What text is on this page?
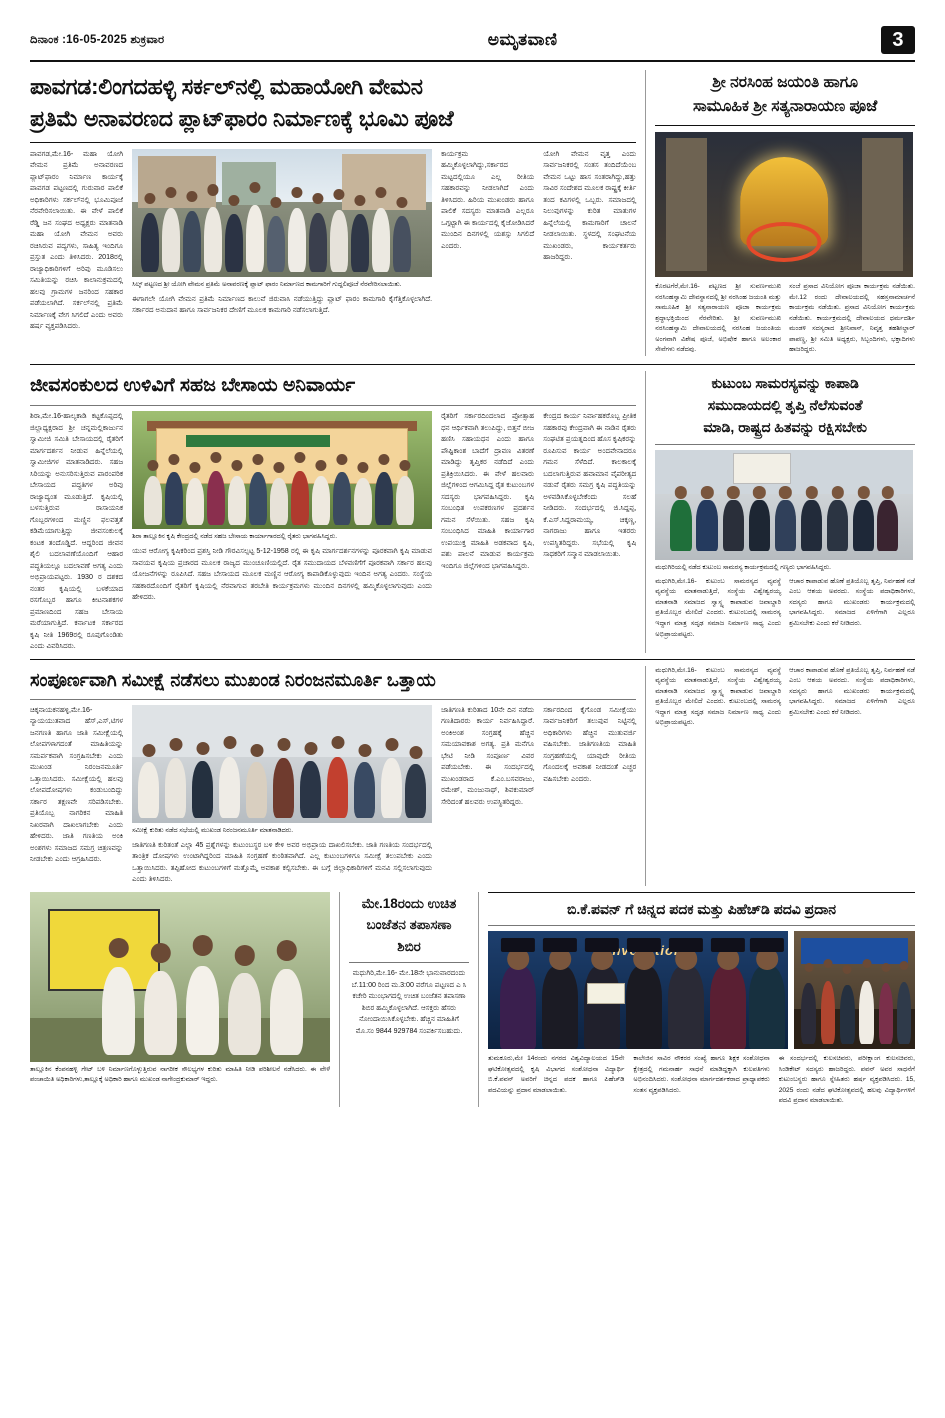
ದಿನಾಂಕ :16-05-2025 ಶುಕ್ರವಾರ	ಅಮೃತವಾಣಿ	3
ಪಾವಗಡ:ಲಿಂಗದಹಳ್ಳಿ ಸರ್ಕಲ್‌ನಲ್ಲಿ ಮಹಾಯೋಗಿ ವೇಮನ
ಪ್ರತಿಮೆ ಅನಾವರಣದ ಪ್ಲಾಟ್‌ಫಾರಂ ನಿರ್ಮಾಣಕ್ಕೆ ಭೂಮಿ ಪೂಜೆ
ಪಾವಗಡ,ಮೇ.16- ಮಹಾ ಯೋಗಿ ವೇಮನ ಪ್ರತಿಮೆ ಅನಾವರಣದ ಪ್ಲಾಟ್‌ಫಾರಂ ನಿರ್ಮಾಣ ಕಾರ್ಯಕ್ಕೆ ಪಾವಗಡ ಪಟ್ಟಣದಲ್ಲಿ ಗುರುವಾರ ಪಾಲಿಕೆ ಅಧಿಕಾರಿಗಳು ಸರ್ಕಲ್‌ನಲ್ಲಿ ಭೂಮಿಪೂಜೆ ನೆರವೇರಿಸಲಾಯಿತು. ಈ ವೇಳೆ ಪಾಲಿಕೆ ರೆಡ್ಡಿ ಜನ ಸಂಘದ ಅಧ್ಯಕ್ಷರು ಮಾತನಾಡಿ ಮಹಾ ಯೋಗಿ ವೇಮನ ಅವರು ರಚಿಸಿರುವ ಪದ್ಯಗಳು, ಸಾಹಿತ್ಯ ಇಂದಿಗೂ ಪ್ರಸ್ತುತ ಎಂದು ತಿಳಿಸಿದರು. 2018ರಲ್ಲಿ ರಾಜ್ಯಾಧಿಕಾರಿಗಳಿಗೆ ಅರಿವು ಮೂಡಿಸಲು ಸಮಿತಿಯನ್ನು ರಚಿಸಿ ಕಾಲಾನುಕ್ರಮದಲ್ಲಿ ಹಲವು ಗ್ರಾಮಗಳ ಜನರಿಂದ ಸಹಕಾರ ಪಡೆಯಲಾಗಿದೆ. ಸರ್ಕಲ್‌ನಲ್ಲಿ ಪ್ರತಿಮೆ ನಿರ್ಮಾಣಕ್ಕೆ ವೇಗ ಸಿಗಲಿದೆ ಎಂದು ಅವರು ಹರ್ಷ ವ್ಯಕ್ತಪಡಿಸಿದರು.
ಸಿಲ್ಕ್ ಪಟ್ಟಣದ ಶ್ರೀ ಯೋಗಿ ವೇಮನ ಪ್ರತಿಮೆ ಅನಾವರಣಕ್ಕೆ ಪ್ಲಾಟ್ ಫಾರಂ ನಿರ್ಮಾಣದ ಕಾಮಗಾರಿಗೆ ಗುದ್ದಲಿಪೂಜೆ ನೆರವೇರಿಸಲಾಯಿತು.
ಈಗಾಗಲೇ ಯೋಗಿ ವೇಮನ ಪ್ರತಿಮೆ ನಿರ್ಮಾಣದ ಕಾಲುವೆ ಜಿರುವಾಸಿ ನಡೆಯುತ್ತಿದ್ದು ಪ್ಲಾಟ್ ಫಾರಂ ಕಾಮಗಾರಿ ಕೈಗೆತ್ತಿಕೊಳ್ಳಲಾಗಿದೆ. ಸರ್ಕಾರದ ಅನುದಾನ ಹಾಗೂ ಸಾರ್ವಜನಿಕರ ದೇಣಿಗೆ ಮೂಲಕ ಕಾಮಗಾರಿ ನಡೆಸಲಾಗುತ್ತಿದೆ.
ಕಾರ್ಯಕ್ರಮ ಹಮ್ಮಿಕೊಳ್ಳಲಾಗಿದ್ದು,ಸರ್ಕಾರದ ಮಟ್ಟದಲ್ಲಿಯೂ ಎಲ್ಲ ರೀತಿಯ ಸಹಕಾರವನ್ನು ನೀಡಲಾಗಿದೆ ಎಂದು ತಿಳಿಸಿದರು. ಹಿರಿಯ ಮುಖಂಡರು ಹಾಗೂ ಪಾಲಿಕೆ ಸದಸ್ಯರು ಮಾತನಾಡಿ ಎಲ್ಲರೂ ಒಗ್ಗಟ್ಟಾಗಿ ಈ ಕಾರ್ಯದಲ್ಲಿ ಕೈಜೋಡಿಸಿದರೆ ಮುಂದಿನ ದಿನಗಳಲ್ಲಿ ಯಶಸ್ಸು ಸಿಗಲಿದೆ ಎಂದರು.
ಯೋಗಿ ವೇಮನ ವೃತ್ತ ಎಂದು ಸಾರ್ವಜನಿಕರಲ್ಲಿ ಸಂತಸ ತಂದಿದೆಯೆಂಬ ವೇಮನ ಒಟ್ಟು ಹಾಸ ಸಂತರಾಗಿದ್ದು,ಹತ್ತು ಸಾವಿರ ಸಂದೇಶದ ಮೂಲಕ ರಾಷ್ಟ್ರಕ್ಕೆ ಕೀರ್ತಿ ತಂದ ಕವಿಗಳಲ್ಲಿ ಒಬ್ಬರು. ಸಮಾಜದಲ್ಲಿ ನಿಲುವುಗಳನ್ನು ಕುರಿತ ಮಾತುಗಳ ಹಿನ್ನೆಲೆಯಲ್ಲಿ ಕಾಮಗಾರಿಗೆ ಚಾಲನೆ ನೀಡಲಾಯಿತು. ಸ್ಥಳದಲ್ಲಿ ಸಂಘಟನೆಯ ಮುಖಂಡರು, ಕಾರ್ಯಕರ್ತರು ಹಾಜರಿದ್ದರು.
ಶ್ರೀ ನರಸಿಂಹ ಜಯಂತಿ ಹಾಗೂ
ಸಾಮೂಹಿಕ ಶ್ರೀ ಸತ್ಯನಾರಾಯಣ ಪೂಜೆ
ಕೊರಟಗೆರೆ,ಮೇ.16- ಪಟ್ಟಣದ ಶ್ರೀ ಸುವರ್ಣಮುಖಿ ನರಸಿಂಹಸ್ವಾಮಿ ದೇವಸ್ಥಾನದಲ್ಲಿ ಶ್ರೀ ನರಸಿಂಹ ಜಯಂತಿ ಮತ್ತು ಸಾಮೂಹಿಕ ಶ್ರೀ ಸತ್ಯನಾರಾಯಣ ಪೂಜಾ ಕಾರ್ಯಕ್ರಮ ಶ್ರದ್ಧಾಭಕ್ತಿಯಿಂದ ನೆರವೇರಿತು. ಶ್ರೀ ಸುವರ್ಣಮುಖಿ ನರಸಿಂಹಸ್ವಾಮಿ ದೇವಾಲಯದಲ್ಲಿ ನರಸಿಂಹ ಜಯಂತಿಯ ಅಂಗವಾಗಿ ವಿಶೇಷ ಪೂಜೆ, ಅಭಿಷೇಕ ಹಾಗೂ ಅಲಂಕಾರ ಸೇವೆಗಳು ನಡೆದವು.
ಸಂಜೆ ಪ್ರಸಾದ ವಿನಿಯೋಗ ಪೂಜಾ ಕಾರ್ಯಕ್ರಮ ನಡೆಯಿತು. ಮೇ.12 ರಂದು ದೇವಾಲಯದಲ್ಲಿ ಸಹಸ್ರನಾಮಾರ್ಚನೆ ಕಾರ್ಯಕ್ರಮ ನಡೆಯಿತು. ಪ್ರಸಾದ ವಿನಿಯೋಗ ಕಾರ್ಯಕ್ರಮ ನಡೆಯಿತು. ಕಾರ್ಯಕ್ರಮದಲ್ಲಿ ದೇವಾಲಯದ ಧರ್ಮದರ್ಶಿ ಮಂಡಳಿ ಸದಸ್ಯರಾದ ಶ್ರೀನಿವಾಸ್, ನಿವೃತ್ತ ತಹಶೀಲ್ದಾರ್ ಪಾಪಣ್ಣ, ಶ್ರೀ ಸಮಿತಿ ಅಧ್ಯಕ್ಷರು, ಸಿಬ್ಬಂದಿಗಳು, ಭಕ್ತಾದಿಗಳು ಹಾಜರಿದ್ದರು.
ಜೀವಸಂಕುಲದ ಉಳಿವಿಗೆ ಸಹಜ ಬೇಸಾಯ ಅನಿವಾರ್ಯ
ಶಿರಾ,ಮೇ.16-ಹಾಲ್ಯಕಾಡಿ ಕಟ್ಟಕೊಪ್ಪದಲ್ಲಿ ಜಿಲ್ಲಾಧ್ಯಕ್ಷರಾದ ಶ್ರೀ ಚನ್ನಮಲ್ಲಿಕಾರ್ಜುನ ಸ್ವಾಮೀಜಿ ಸಮಿತಿ ಬೇಸಾಯದಲ್ಲಿ ರೈತರಿಗೆ ಮಾರ್ಗದರ್ಶನ ನೀಡುವ ಹಿನ್ನೆಲೆಯಲ್ಲಿ ಸ್ವಾಮೀಜಿಗಳ ಮಾತನಾಡಿದರು. ಸಹಜ ಸಿರಿಯನ್ನು ಅನುಸರಿಸುತ್ತಿರುವ ಪಾರಂಪರಿಕ ಬೇಸಾಯದ ಪದ್ಧತಿಗಳ ಅರಿವು ರಾಜ್ಯಾದ್ಯಂತ ಮೂಡುತ್ತಿದೆ. ಕೃಷಿಯಲ್ಲಿ ಬಳಸುತ್ತಿರುವ ರಾಸಾಯನಿಕ ಗೊಬ್ಬರಗಳಿಂದ ಮಣ್ಣಿನ ಫಲವತ್ತತೆ ಕಡಿಮೆಯಾಗುತ್ತಿದ್ದು ಜೀವಸಂಕುಲಕ್ಕೆ ಕಂಟಕ ತಂದೊಡ್ಡಿದೆ. ಆದ್ದರಿಂದ ಜೀವನ ಶೈಲಿ ಬದಲಾವಣೆಯೊಂದಿಗೆ ಆಹಾರ ಪದ್ಧತಿಯಲ್ಲೂ ಬದಲಾವಣೆ ಅಗತ್ಯ ಎಂದು ಅಭಿಪ್ರಾಯಪಟ್ಟರು. 1930 ರ ದಶಕದ ನಂತರ ಕೃಷಿಯಲ್ಲಿ ಬಳಕೆಯಾದ ರಸಗೊಬ್ಬರ ಹಾಗೂ ಕೀಟನಾಶಕಗಳ ಪ್ರಮಾಣದಿಂದ ಸಹಜ ಬೇಸಾಯ ಮರೆಯಾಗುತ್ತಿದೆ. ಕರ್ನಾಟಕ ಸರ್ಕಾರದ ಕೃಷಿ ನೀತಿ 1969ರಲ್ಲಿ ರೂಪುಗೊಂಡಿತು ಎಂದು ವಿವರಿಸಿದರು.
ಶಿರಾ ತಾಲ್ಲೂಕಿನ ಕೃಷಿ ಕೇಂದ್ರದಲ್ಲಿ ನಡೆದ ಸಹಜ ಬೇಸಾಯ ಕಾರ್ಯಾಗಾರದಲ್ಲಿ ರೈತರು ಭಾಗವಹಿಸಿದ್ದರು.
ಯುವ ಆರೋಗ್ಯ ಕೃಷಿಕರಿಂದ ಪ್ರಶಸ್ತಿ ನೀಡಿ ಗೌರವಿಸಲ್ಪಟ್ಟ 5-12-1958 ರಲ್ಲಿ ಈ ಕೃಷಿ ಮಾರ್ಗದರ್ಶನಗಳನ್ನು ಪೂರಕವಾಗಿ ಕೃಷಿ ಮಾಡುವ ಸಾವಯವ ಕೃಷಿಯ ಪ್ರಚಾರದ ಮೂಲಕ ರಾಜ್ಯದ ಮುಂಚೂಣಿಯಲ್ಲಿದೆ. ರೈತ ಸಮುದಾಯದ ಬೆಳವಣಿಗೆಗೆ ಪೂರಕವಾಗಿ ಸರ್ಕಾರ ಹಲವು ಯೋಜನೆಗಳನ್ನು ರೂಪಿಸಿದೆ. ಸಹಜ ಬೇಸಾಯದ ಮೂಲಕ ಮಣ್ಣಿನ ಆರೋಗ್ಯ ಕಾಪಾಡಿಕೊಳ್ಳುವುದು ಇಂದಿನ ಅಗತ್ಯ ಎಂದರು. ಸಂಸ್ಥೆಯ ಸಹಕಾರದೊಂದಿಗೆ ರೈತರಿಗೆ ಕೃಷಿಯಲ್ಲಿ ನೆರವಾಗುವ ತರಬೇತಿ ಕಾರ್ಯಕ್ರಮಗಳು ಮುಂದಿನ ದಿನಗಳಲ್ಲಿ ಹಮ್ಮಿಕೊಳ್ಳಲಾಗುವುದು ಎಂದು ಹೇಳಿದರು.
ರೈತರಿಗೆ ಸರ್ಕಾರದಿಂದಲಾದ ಪ್ರೋತ್ಸಾಹ ಧನ ಆರ್ಥಿಕವಾಗಿ ತಲುಪಿದ್ದು, ಬಿತ್ತನೆ ಬೀಜ ಹಣಿಸಿ ಸಹಾಯಧನ ಎಂದು ಹಾಗೂ ಪೌಷ್ಟಿಕಾಂಶ ಬಾದೆಗೆ ದ್ರಾವಣ ವಿತರಣೆ ಮಾಡಿದ್ದು ತೃಪ್ತಿಕರ ನಡೆದಿದೆ ಎಂದು ಪ್ರತಿಕ್ರಿಯಿಸಿದರು. ಈ ವೇಳೆ ಹಲವಾರು ಜಿಲ್ಲೆಗಳಿಂದ ಆಗಮಿಸಿದ್ದ ರೈತ ಕುಟುಂಬಗಳ ಸದಸ್ಯರು ಭಾಗವಹಿಸಿದ್ದರು. ಕೃಷಿ ಸಂಬಂಧಿತ ಉಪಕರಣಗಳ ಪ್ರದರ್ಶನ ಗಮನ ಸೆಳೆಯಿತು. ಸಹಜ ಕೃಷಿ ಸಂಬಂಧಿಸಿದ ಮಾಹಿತಿ ಕಾರ್ಯಾಗಾರ ಉಪಯುಕ್ತ ಮಾಹಿತಿ ಅಡಕವಾದ ಕೃಷಿ, ಪಶು ಪಾಲನೆ ಮಾಡುವ ಕಾರ್ಯಕ್ರಮ ಇಂದಿಗೂ ಜಿಲ್ಲೆಗಳಿಂದ ಭಾಗವಹಿಸಿದ್ದರು.
ಕೇಂದ್ರದ ಕಾರ್ಯ ನಿರ್ವಾಹಕರೊಬ್ಬ ಪ್ರೀತಿಕ ಸಹಕಾರವು ಕೇಂದ್ರವಾಗಿ ಈ ನಾಡಿನ ರೈತರು ಸಂಘಟಿತ ಪ್ರಯತ್ನದಿಂದ ಹೊಸ ಕೃಷಿಕರನ್ನು ರೂಪಿಸುವ ಕಾರ್ಯ ಅಂದವೇನಾದರೂ ಗಮನ ಸೆಳೆದಿದೆ. ಕಾಲಕಾಲಕ್ಕೆ ಬದಲಾಗುತ್ತಿರುವ ಹವಾಮಾನ ವೈಪರೀತ್ಯದ ನಡುವೆ ರೈತರು ಸಮಗ್ರ ಕೃಷಿ ಪದ್ಧತಿಯನ್ನು ಅಳವಡಿಸಿಕೊಳ್ಳಬೇಕೆಂದು ಸಲಹೆ ನೀಡಿದರು. ಸಂದರ್ಭದಲ್ಲಿ ಜಿ.ಸಿದ್ದಪ್ಪ, ಕೆ.ಎಸ್.ಸಿದ್ದರಾಮಯ್ಯ, ಚಿಕ್ಕಣ್ಣ, ನಾಗರಾಜು ಹಾಗೂ ಇತರರು ಉಪಸ್ಥಿತರಿದ್ದರು. ಸಭೆಯಲ್ಲಿ ಕೃಷಿ ಸಾಧಕರಿಗೆ ಸನ್ಮಾನ ಮಾಡಲಾಯಿತು.
ಕುಟುಂಬ ಸಾಮರಸ್ಯವನ್ನು ಕಾಪಾಡಿ
ಸಮುದಾಯದಲ್ಲಿ ತೃಪ್ತಿ ನೆಲೆಸುವಂತೆ
ಮಾಡಿ, ರಾಷ್ಟ್ರದ ಹಿತವನ್ನು ರಕ್ಷಿಸಬೇಕು
ಮಧುಗಿರಿಯಲ್ಲಿ ನಡೆದ ಕುಟುಂಬ ಸಾಮರಸ್ಯ ಕಾರ್ಯಕ್ರಮದಲ್ಲಿ ಗಣ್ಯರು ಭಾಗವಹಿಸಿದ್ದರು.
ಮಧುಗಿರಿ,ಮೇ.16- ಕುಟುಂಬ ಸಾಮರಸ್ಯದ ವ್ಯವಸ್ಥೆ ವ್ಯವಸ್ಥೆಯ ಮಾತನಾಡುತ್ತಿದೆ, ಸಂಸ್ಥೆಯ ವಿಶ್ವೇಶ್ವರಯ್ಯ ಮಾತನಾಡಿ ಸಮಾಜದ ಸ್ವಾಸ್ಥ್ಯ ಕಾಪಾಡುವ ಜವಾಬ್ದಾರಿ ಪ್ರತಿಯೊಬ್ಬರ ಮೇಲಿದೆ ಎಂದರು. ಕುಟುಂಬದಲ್ಲಿ ಸಾಮರಸ್ಯ ಇದ್ದಾಗ ಮಾತ್ರ ಸದೃಢ ಸಮಾಜ ನಿರ್ಮಾಣ ಸಾಧ್ಯ ಎಂದು ಅಭಿಪ್ರಾಯಪಟ್ಟರು.
ಆಚಾರ ಕಾಪಾಡುವ ಹೊಣೆ ಪ್ರತಿಯೊಬ್ಬ ತೃಪ್ತಿ, ನಿರ್ವಹಣೆ ನಡೆ ಎಂಬ ಆಶಯ ಅವರದು. ಸಂಸ್ಥೆಯ ಪದಾಧಿಕಾರಿಗಳು, ಸದಸ್ಯರು ಹಾಗೂ ಮುಖಂಡರು ಕಾರ್ಯಕ್ರಮದಲ್ಲಿ ಭಾಗವಹಿಸಿದ್ದರು. ಸಮಾಜದ ಏಳಿಗೆಗಾಗಿ ಎಲ್ಲರೂ ಶ್ರಮಿಸಬೇಕು ಎಂದು ಕರೆ ನೀಡಿದರು.
ಸಂಪೂರ್ಣವಾಗಿ ಸಮೀಕ್ಷೆ ನಡೆಸಲು ಮುಖಂಡ ನಿರಂಜನಮೂರ್ತಿ ಒತ್ತಾಯ
ಚಿಕ್ಕನಾಯಕನಹಳ್ಳಿ,ಮೇ.16- ನ್ಯಾಯಯುತವಾದ ಹೆಸ್,ಎಸ್,ಟಿಗಳ ಜನಗಣತಿ ಹಾಗೂ ಜಾತಿ ಸಮೀಕ್ಷೆಯಲ್ಲಿ ಲೋಪಗಳಾಗದಂತೆ ಮಾಹಿತಿಯನ್ನು ಸಮರ್ಪಕವಾಗಿ ಸಂಗ್ರಹಿಸಬೇಕು ಎಂದು ಮುಖಂಡ ನಿರಂಜನಮೂರ್ತಿ ಒತ್ತಾಯಿಸಿದರು. ಸಮೀಕ್ಷೆಯಲ್ಲಿ ಹಲವು ಲೋಪದೋಷಗಳು ಕಂಡುಬಂದಿದ್ದು ಸರ್ಕಾರ ತಕ್ಷಣವೇ ಸರಿಪಡಿಸಬೇಕು. ಪ್ರತಿಯೊಬ್ಬ ನಾಗರಿಕನ ಮಾಹಿತಿ ನಿಖರವಾಗಿ ದಾಖಲಾಗಬೇಕು ಎಂದು ಹೇಳಿದರು. ಜಾತಿ ಗಣತಿಯ ಅಂಕಿ ಅಂಶಗಳು ಸಮಾಜದ ಸಮಗ್ರ ಚಿತ್ರಣವನ್ನು ನೀಡಬೇಕು ಎಂದು ಆಗ್ರಹಿಸಿದರು.
ಸಮೀಕ್ಷೆ ಕುರಿತು ನಡೆದ ಸಭೆಯಲ್ಲಿ ಮುಖಂಡ ನಿರಂಜನಮೂರ್ತಿ ಮಾತನಾಡಿದರು.
ಜಾತಿಗಣತಿ ಕುರಿತಂತೆ ಎಲ್ಲಾ 45 ಪ್ರಶ್ನೆಗಳನ್ನು ಕುಟುಂಬಸ್ಥರ ಬಳಿ ಕೇಳಿ ಅವರ ಅಭಿಪ್ರಾಯ ದಾಖಲಿಸಬೇಕು. ಜಾತಿ ಗಣತಿಯ ಸಂದರ್ಭದಲ್ಲಿ ತಾಂತ್ರಿಕ ದೋಷಗಳು ಉಂಟಾಗಿದ್ದರಿಂದ ಮಾಹಿತಿ ಸಂಗ್ರಹಣೆ ಕುಂಠಿತವಾಗಿದೆ. ಎಲ್ಲ ಕುಟುಂಬಗಳಿಗೂ ಸಮೀಕ್ಷೆ ತಲುಪಬೇಕು ಎಂದು ಒತ್ತಾಯಿಸಿದರು. ತಪ್ಪಿಹೋದ ಕುಟುಂಬಗಳಿಗೆ ಮತ್ತೊಮ್ಮೆ ಅವಕಾಶ ಕಲ್ಪಿಸಬೇಕು. ಈ ಬಗ್ಗೆ ಜಿಲ್ಲಾಧಿಕಾರಿಗಳಿಗೆ ಮನವಿ ಸಲ್ಲಿಸಲಾಗುವುದು ಎಂದು ತಿಳಿಸಿದರು.
ಜಾತಿಗಣತಿ ಕುರಿತಾದ 10ನೇ ದಿನ ನಡೆದು ಗಣತಿದಾರರು ಕಾರ್ಯ ನಿರ್ವಹಿಸಿದ್ದಾರೆ. ಅಂಕಿಅಂಶ ಸಂಗ್ರಹಕ್ಕೆ ಹೆಚ್ಚಿನ ಸಮಯಾವಕಾಶ ಅಗತ್ಯ. ಪ್ರತಿ ಮನೆಗೂ ಭೇಟಿ ನೀಡಿ ಸಂಪೂರ್ಣ ವಿವರ ಪಡೆಯಬೇಕು. ಈ ಸಂದರ್ಭದಲ್ಲಿ ಮುಖಂಡರಾದ ಕೆ.ಎಂ.ಬಸವರಾಜು, ರಮೇಶ್, ಮಂಜುನಾಥ್, ಶಿವಕುಮಾರ್ ಸೇರಿದಂತೆ ಹಲವರು ಉಪಸ್ಥಿತರಿದ್ದರು.
ಸರ್ಕಾರದಿಂದ ಕೈಗೊಂಡ ಸಮೀಕ್ಷೆಯು ಸಾರ್ವಜನಿಕರಿಗೆ ತಲುಪುವ ನಿಟ್ಟಿನಲ್ಲಿ ಅಧಿಕಾರಿಗಳು ಹೆಚ್ಚಿನ ಮುತುವರ್ಜಿ ವಹಿಸಬೇಕು. ಜಾತಿಗಣತಿಯ ಮಾಹಿತಿ ಸಂಗ್ರಹಣೆಯಲ್ಲಿ ಯಾವುದೇ ರೀತಿಯ ಗೊಂದಲಕ್ಕೆ ಅವಕಾಶ ನೀಡದಂತೆ ಎಚ್ಚರ ವಹಿಸಬೇಕು ಎಂದರು.
ಮಧುಗಿರಿ,ಮೇ.16- ಕುಟುಂಬ ಸಾಮರಸ್ಯದ ವ್ಯವಸ್ಥೆ ವ್ಯವಸ್ಥೆಯ ಮಾತನಾಡುತ್ತಿದೆ, ಸಂಸ್ಥೆಯ ವಿಶ್ವೇಶ್ವರಯ್ಯ ಮಾತನಾಡಿ ಸಮಾಜದ ಸ್ವಾಸ್ಥ್ಯ ಕಾಪಾಡುವ ಜವಾಬ್ದಾರಿ ಪ್ರತಿಯೊಬ್ಬರ ಮೇಲಿದೆ ಎಂದರು. ಕುಟುಂಬದಲ್ಲಿ ಸಾಮರಸ್ಯ ಇದ್ದಾಗ ಮಾತ್ರ ಸದೃಢ ಸಮಾಜ ನಿರ್ಮಾಣ ಸಾಧ್ಯ ಎಂದು ಅಭಿಪ್ರಾಯಪಟ್ಟರು.
ಆಚಾರ ಕಾಪಾಡುವ ಹೊಣೆ ಪ್ರತಿಯೊಬ್ಬ ತೃಪ್ತಿ, ನಿರ್ವಹಣೆ ನಡೆ ಎಂಬ ಆಶಯ ಅವರದು. ಸಂಸ್ಥೆಯ ಪದಾಧಿಕಾರಿಗಳು, ಸದಸ್ಯರು ಹಾಗೂ ಮುಖಂಡರು ಕಾರ್ಯಕ್ರಮದಲ್ಲಿ ಭಾಗವಹಿಸಿದ್ದರು. ಸಮಾಜದ ಏಳಿಗೆಗಾಗಿ ಎಲ್ಲರೂ ಶ್ರಮಿಸಬೇಕು ಎಂದು ಕರೆ ನೀಡಿದರು.
ತಾಲ್ಲೂಕಿನ ಕೆಂಪನಹಳ್ಳಿ ಗೇಟ್ ಬಳಿ ನಿರ್ಮಾಣಗೊಳ್ಳುತ್ತಿರುವ ನಾಗರೀಕ ಸೌಲಭ್ಯಗಳ ಕುರಿತು ಮಾಹಿತಿ ನೀಡಿ ಪರಿಶೀಲನೆ ನಡೆಸಿದರು. ಈ ವೇಳೆ ಪಂಚಾಯಿತಿ ಅಧಿಕಾರಿಗಳು,ತಾಲ್ಲೂಕ್ಕೆ ಅಧಿಕಾರಿ ಹಾಗೂ ಮುಖಂಡ ನಾಗೇಂದ್ರಕುಮಾರ್ ಇದ್ದರು.
ಮೇ.18ರಂದು ಉಚಿತ
ಬಂಜೆತನ ತಪಾಸಣಾ
ಶಿಬಿರ
ಮಧುಗಿರಿ,ಮೇ.16- ಮೇ.18ನೇ ಭಾನುವಾರದಂದು ಬೆ.11:00 ರಿಂದ ಮ.3:00 ವರೆಗೂ ಪಟ್ಟಣದ ಎ ಸಿ ಕಚೇರಿ ಮುಂಭಾಗದಲ್ಲಿ ಉಚಿತ ಬಂಜೆತನ ತಪಾಸಣಾ ಶಿಬಿರ ಹಮ್ಮಿಕೊಳ್ಳಲಾಗಿದೆ. ಆಸಕ್ತರು ಹೆಸರು ನೋಂದಾಯಿಸಿಕೊಳ್ಳಬೇಕು. ಹೆಚ್ಚಿನ ಮಾಹಿತಿಗೆ ಮೊ.ಸಂ 9844 929784 ಸಂಪರ್ಕಿಸಬಹುದು.
ಬಿ.ಕೆ.ಪವನ್ ಗೆ ಚಿನ್ನದ ಪದಕ ಮತ್ತು ಪಿಹೆಚ್‌ಡಿ ಪದವಿ ಪ್ರದಾನ
ತುಮಕೂರು,ಮೇ 14ರಂದು ನಗರದ ವಿಶ್ವವಿದ್ಯಾಲಯದ 15ನೇ ಘಟಿಕೋತ್ಸವದಲ್ಲಿ ಕೃಷಿ ವಿಭಾಗದ ಸಂಶೋಧನಾ ವಿದ್ಯಾರ್ಥಿ ಬಿ.ಕೆ.ಪವನ್ ಅವರಿಗೆ ಚಿನ್ನದ ಪದಕ ಹಾಗೂ ಪಿಹೆಚ್‌ಡಿ ಪದವಿಯನ್ನು ಪ್ರದಾನ ಮಾಡಲಾಯಿತು.
ಕಾಲೇಜಿನ ಸಾವಿರ ನೌಕರರ ಸಂಖ್ಯೆ ಹಾಗೂ ಶಿಕ್ಷಕ ಸಂಶೋಧನಾ ಕ್ಷೇತ್ರದಲ್ಲಿ ಗಮನಾರ್ಹ ಸಾಧನೆ ಮಾಡಿದ್ದಕ್ಕಾಗಿ ಕುಲಪತಿಗಳು ಅಭಿನಂದಿಸಿದರು. ಸಂಶೋಧನಾ ಮಾರ್ಗದರ್ಶಕರಾದ ಪ್ರಾಧ್ಯಾಪಕರು ಸಂತಸ ವ್ಯಕ್ತಪಡಿಸಿದರು.
ಈ ಸಂದರ್ಭದಲ್ಲಿ ಕುಲಸಚಿವರು, ಪರೀಕ್ಷಾಂಗ ಕುಲಸಚಿವರು, ಸಿಂಡಿಕೇಟ್ ಸದಸ್ಯರು ಹಾಜರಿದ್ದರು. ಪವನ್ ಅವರ ಸಾಧನೆಗೆ ಕುಟುಂಬಸ್ಥರು ಹಾಗೂ ಸ್ನೇಹಿತರು ಹರ್ಷ ವ್ಯಕ್ತಪಡಿಸಿದರು. 15, 2025 ರಂದು ನಡೆದ ಘಟಿಕೋತ್ಸವದಲ್ಲಿ ಹಲವು ವಿದ್ಯಾರ್ಥಿಗಳಿಗೆ ಪದವಿ ಪ್ರದಾನ ಮಾಡಲಾಯಿತು.
